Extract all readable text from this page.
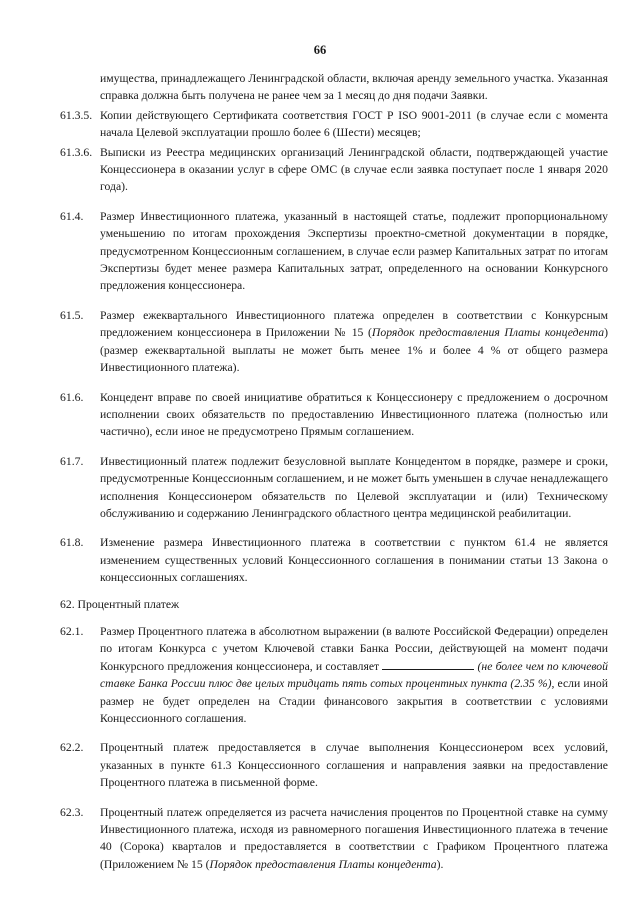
66
имущества, принадлежащего Ленинградской области, включая аренду земельного участка. Указанная справка должна быть получена не ранее чем за 1 месяц до дня подачи Заявки.
61.3.5. Копии действующего Сертификата соответствия ГОСТ Р ISO 9001-2011 (в случае если с момента начала Целевой эксплуатации прошло более 6 (Шести) месяцев;
61.3.6. Выписки из Реестра медицинских организаций Ленинградской области, подтверждающей участие Концессионера в оказании услуг в сфере ОМС (в случае если заявка поступает после 1 января 2020 года).
61.4.	Размер Инвестиционного платежа, указанный в настоящей статье, подлежит пропорциональному уменьшению по итогам прохождения Экспертизы проектно-сметной документации в порядке, предусмотренном Концессионным соглашением, в случае если размер Капитальных затрат по итогам Экспертизы будет менее размера Капитальных затрат, определенного на основании Конкурсного предложения концессионера.
61.5.	Размер ежеквартального Инвестиционного платежа определен в соответствии с Конкурсным предложением концессионера в Приложении № 15 (Порядок предоставления Платы концедента) (размер ежеквартальной выплаты не может быть менее 1% и более 4 % от общего размера Инвестиционного платежа).
61.6.	Концедент вправе по своей инициативе обратиться к Концессионеру с предложением о досрочном исполнении своих обязательств по предоставлению Инвестиционного платежа (полностью или частично), если иное не предусмотрено Прямым соглашением.
61.7.	Инвестиционный платеж подлежит безусловной выплате Концедентом в порядке, размере и сроки, предусмотренные Концессионным соглашением, и не может быть уменьшен в случае ненадлежащего исполнения Концессионером обязательств по Целевой эксплуатации и (или) Техническому обслуживанию и содержанию Ленинградского областного центра медицинской реабилитации.
61.8.	Изменение размера Инвестиционного платежа в соответствии с пунктом 61.4 не является изменением существенных условий Концессионного соглашения в понимании статьи 13 Закона о концессионных соглашениях.
62. Процентный платеж
62.1.	Размер Процентного платежа в абсолютном выражении (в валюте Российской Федерации) определен по итогам Конкурса с учетом Ключевой ставки Банка России, действующей на момент подачи Конкурсного предложения концессионера, и составляет	(не более чем по ключевой ставке Банка России плюс две целых тридцать пять сотых процентных пункта (2.35 %), если иной размер не будет определен на Стадии финансового закрытия в соответствии с условиями Концессионного соглашения.
62.2.	Процентный платеж предоставляется в случае выполнения Концессионером всех условий, указанных в пункте 61.3 Концессионного соглашения и направления заявки на предоставление Процентного платежа в письменной форме.
62.3.	Процентный платеж определяется из расчета начисления процентов по Процентной ставке на сумму Инвестиционного платежа, исходя из равномерного погашения Инвестиционного платежа в течение 40 (Сорока) кварталов и предоставляется в соответствии с Графиком Процентного платежа (Приложением № 15 (Порядок предоставления Платы концедента).
